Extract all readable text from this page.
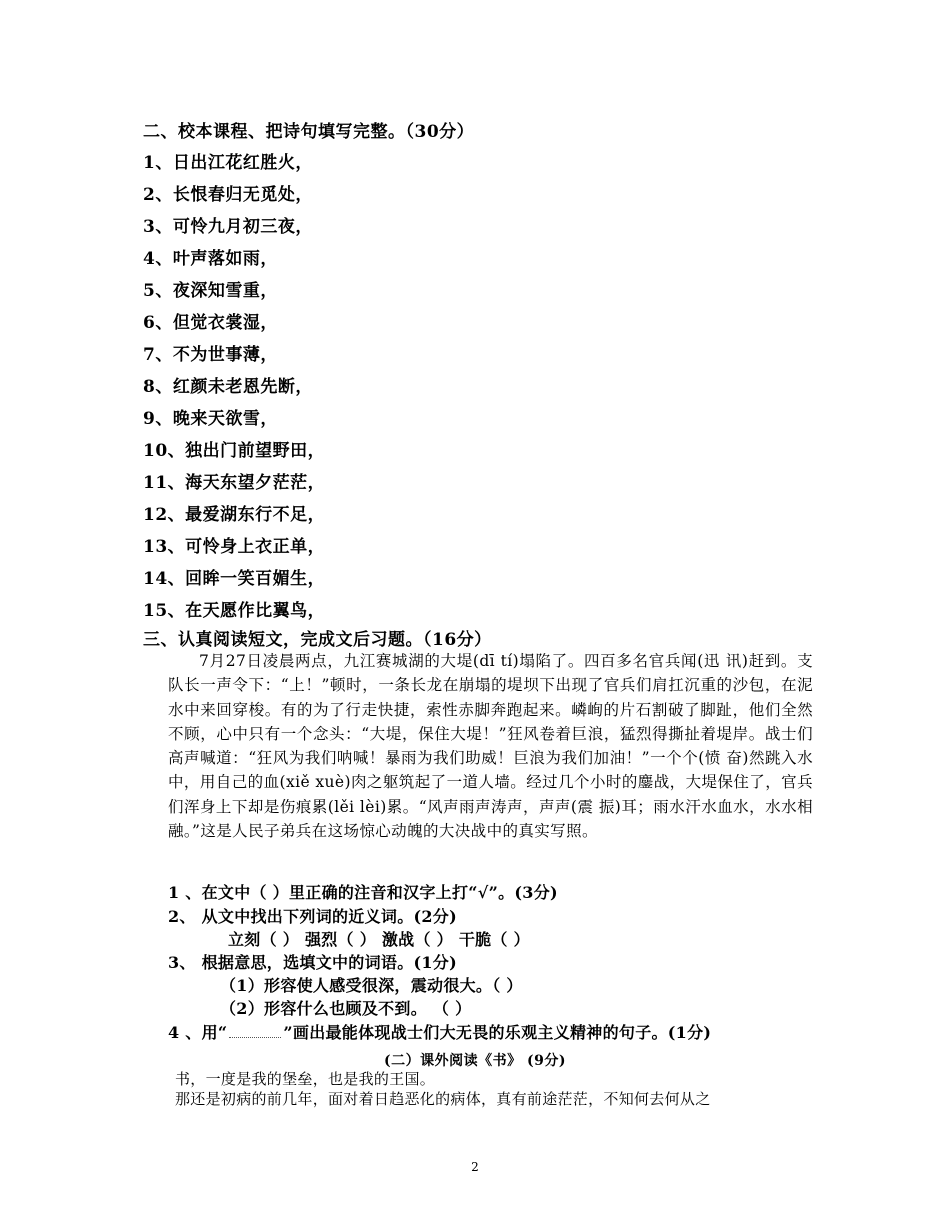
二、校本课程、把诗句填写完整。（30分）
1、日出江花红胜火，
2、长恨春归无觅处，
3、可怜九月初三夜，
4、叶声落如雨，
5、夜深知雪重，
6、但觉衣裳湿，
7、不为世事薄，
8、红颜未老恩先断，
9、晚来天欲雪，
10、独出门前望野田，
11、海天东望夕茫茫，
12、最爱湖东行不足，
13、可怜身上衣正单，
14、回眸一笑百媚生，
15、在天愿作比翼鸟，
三、认真阅读短文，完成文后习题。（16分）
7月27日凌晨两点，九江赛城湖的大堤(dī tí)塌陷了。四百多名官兵闻(迅 讯)赶到。支队长一声令下：“上！”顿时，一条长龙在崩塌的堤坝下出现了官兵们肩扛沉重的沙包，在泥水中来回穿梭。有的为了行走快捷，索性赤脚奔跑起来。嶙峋的片石割破了脚趾，他们全然不顾，心中只有一个念头：“大堤，保住大堤！”狂风卷着巨浪，猛烈得撕扯着堤岸。战士们高声喊道：“狂风为我们呐喊！暴雨为我们助威！巨浪为我们加油！”一个个(愤 奋)然跳入水中，用自己的血(xiě xuè)肉之躯筑起了一道人墙。经过几个小时的鏖战，大堤保住了，官兵们浑身上下却是伤痕累(lěi lèi)累。“风声雨声涛声，声声(震 振)耳；雨水汗水血水，水水相融。”这是人民子弟兵在这场惊心动魄的大决战中的真实写照。
1 、在文中（ ）里正确的注音和汉字上打“√”。(3分)
2、 从文中找出下列词的近义词。(2分)
立刻（ ） 强烈（ ） 激战（ ） 干脆（ ）
3、 根据意思，选填文中的词语。(1分)
（1）形容使人感受很深，震动很大。（ ）
（2）形容什么也顾及不到。 （ ）
4 、用“	”画出最能体现战士们大无畏的乐观主义精神的句子。(1分)
(二）课外阅读《书》 (9分)
书，一度是我的堡垒，也是我的王国。
那还是初病的前几年，面对着日趋恶化的病体，真有前途茫茫，不知何去何从之
2
